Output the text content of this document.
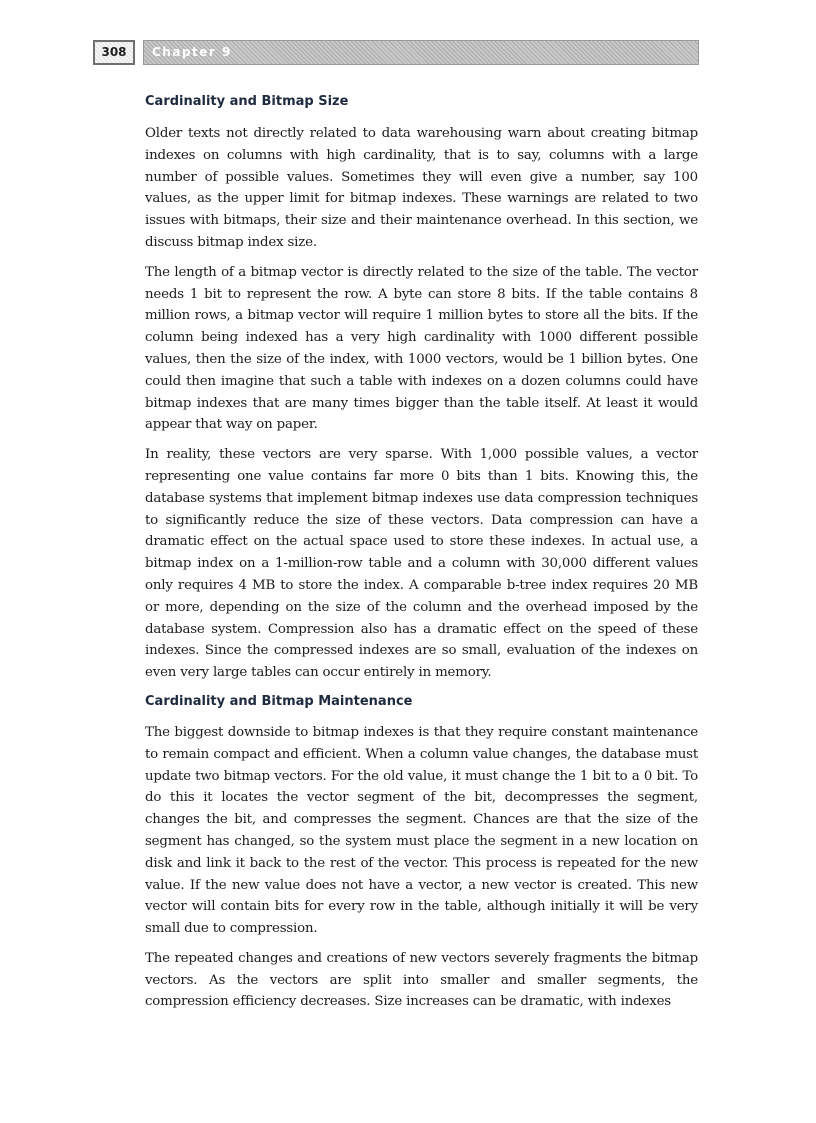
308	Chapter 9
Cardinality and Bitmap Size

Older texts not directly related to data warehousing warn about creating bitmap indexes on columns with high cardinality, that is to say, columns with a large number of possible values. Sometimes they will even give a number, say 100 values, as the upper limit for bitmap indexes. These warnings are related to two issues with bitmaps, their size and their maintenance overhead. In this section, we discuss bitmap index size.

The length of a bitmap vector is directly related to the size of the table. The vector needs 1 bit to represent the row. A byte can store 8 bits. If the table contains 8 million rows, a bitmap vector will require 1 million bytes to store all the bits. If the column being indexed has a very high cardinality with 1000 different possible values, then the size of the index, with 1000 vectors, would be 1 billion bytes. One could then imagine that such a table with indexes on a dozen columns could have bitmap indexes that are many times bigger than the table itself. At least it would appear that way on paper.

In reality, these vectors are very sparse. With 1,000 possible values, a vector representing one value contains far more 0 bits than 1 bits. Knowing this, the database systems that implement bitmap indexes use data compression techniques to significantly reduce the size of these vectors. Data compression can have a dramatic effect on the actual space used to store these indexes. In actual use, a bitmap index on a 1-million-row table and a column with 30,000 different values only requires 4 MB to store the index. A comparable b-tree index requires 20 MB or more, depending on the size of the column and the overhead imposed by the database system. Compression also has a dramatic effect on the speed of these indexes. Since the compressed indexes are so small, evaluation of the indexes on even very large tables can occur entirely in memory.

Cardinality and Bitmap Maintenance

The biggest downside to bitmap indexes is that they require constant maintenance to remain compact and efficient. When a column value changes, the database must update two bitmap vectors. For the old value, it must change the 1 bit to a 0 bit. To do this it locates the vector segment of the bit, decompresses the segment, changes the bit, and compresses the segment. Chances are that the size of the segment has changed, so the system must place the segment in a new location on disk and link it back to the rest of the vector. This process is repeated for the new value. If the new value does not have a vector, a new vector is created. This new vector will contain bits for every row in the table, although initially it will be very small due to compression.

The repeated changes and creations of new vectors severely fragments the bitmap vectors. As the vectors are split into smaller and smaller segments, the compression efficiency decreases. Size increases can be dramatic, with indexes
